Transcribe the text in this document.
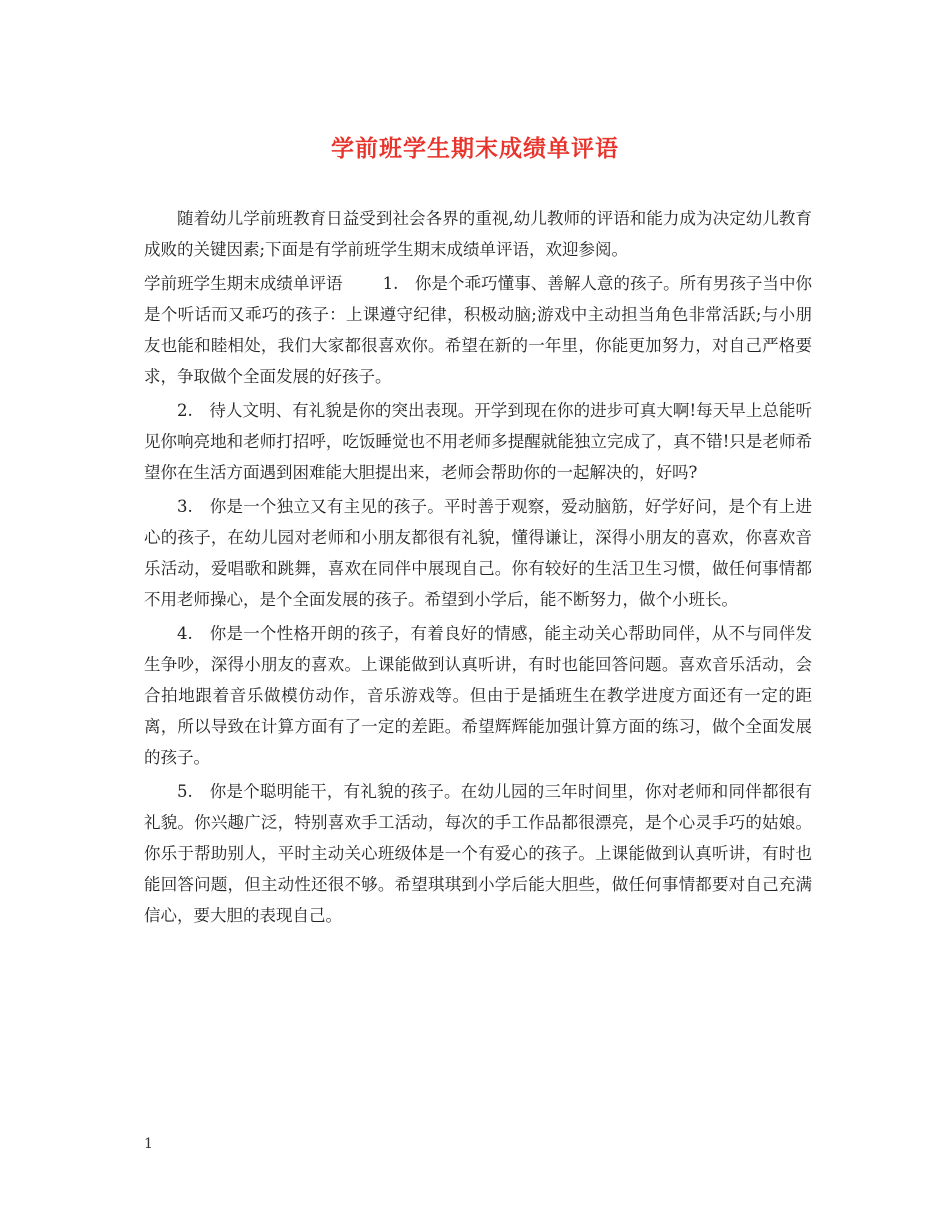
学前班学生期末成绩单评语

随着幼儿学前班教育日益受到社会各界的重视,幼儿教师的评语和能力成为决定幼儿教育成败的关键因素;下面是有学前班学生期末成绩单评语，欢迎参阅。

学前班学生期末成绩单评语 1.　你是个乖巧懂事、善解人意的孩子。所有男孩子当中你是个听话而又乖巧的孩子：上课遵守纪律，积极动脑;游戏中主动担当角色非常活跃;与小朋友也能和睦相处，我们大家都很喜欢你。希望在新的一年里，你能更加努力，对自己严格要求，争取做个全面发展的好孩子。

2.　待人文明、有礼貌是你的突出表现。开学到现在你的进步可真大啊!每天早上总能听见你响亮地和老师打招呼，吃饭睡觉也不用老师多提醒就能独立完成了，真不错!只是老师希望你在生活方面遇到困难能大胆提出来，老师会帮助你的一起解决的，好吗?

3.　你是一个独立又有主见的孩子。平时善于观察，爱动脑筋，好学好问，是个有上进心的孩子，在幼儿园对老师和小朋友都很有礼貌，懂得谦让，深得小朋友的喜欢，你喜欢音乐活动，爱唱歌和跳舞，喜欢在同伴中展现自己。你有较好的生活卫生习惯，做任何事情都不用老师操心，是个全面发展的孩子。希望到小学后，能不断努力，做个小班长。

4.　你是一个性格开朗的孩子，有着良好的情感，能主动关心帮助同伴，从不与同伴发生争吵，深得小朋友的喜欢。上课能做到认真听讲，有时也能回答问题。喜欢音乐活动，会合拍地跟着音乐做模仿动作，音乐游戏等。但由于是插班生在教学进度方面还有一定的距离，所以导致在计算方面有了一定的差距。希望辉辉能加强计算方面的练习，做个全面发展的孩子。

5.　你是个聪明能干，有礼貌的孩子。在幼儿园的三年时间里，你对老师和同伴都很有礼貌。你兴趣广泛，特别喜欢手工活动，每次的手工作品都很漂亮，是个心灵手巧的姑娘。你乐于帮助别人，平时主动关心班级体是一个有爱心的孩子。上课能做到认真听讲，有时也能回答问题，但主动性还很不够。希望琪琪到小学后能大胆些，做任何事情都要对自己充满信心，要大胆的表现自己。

1
